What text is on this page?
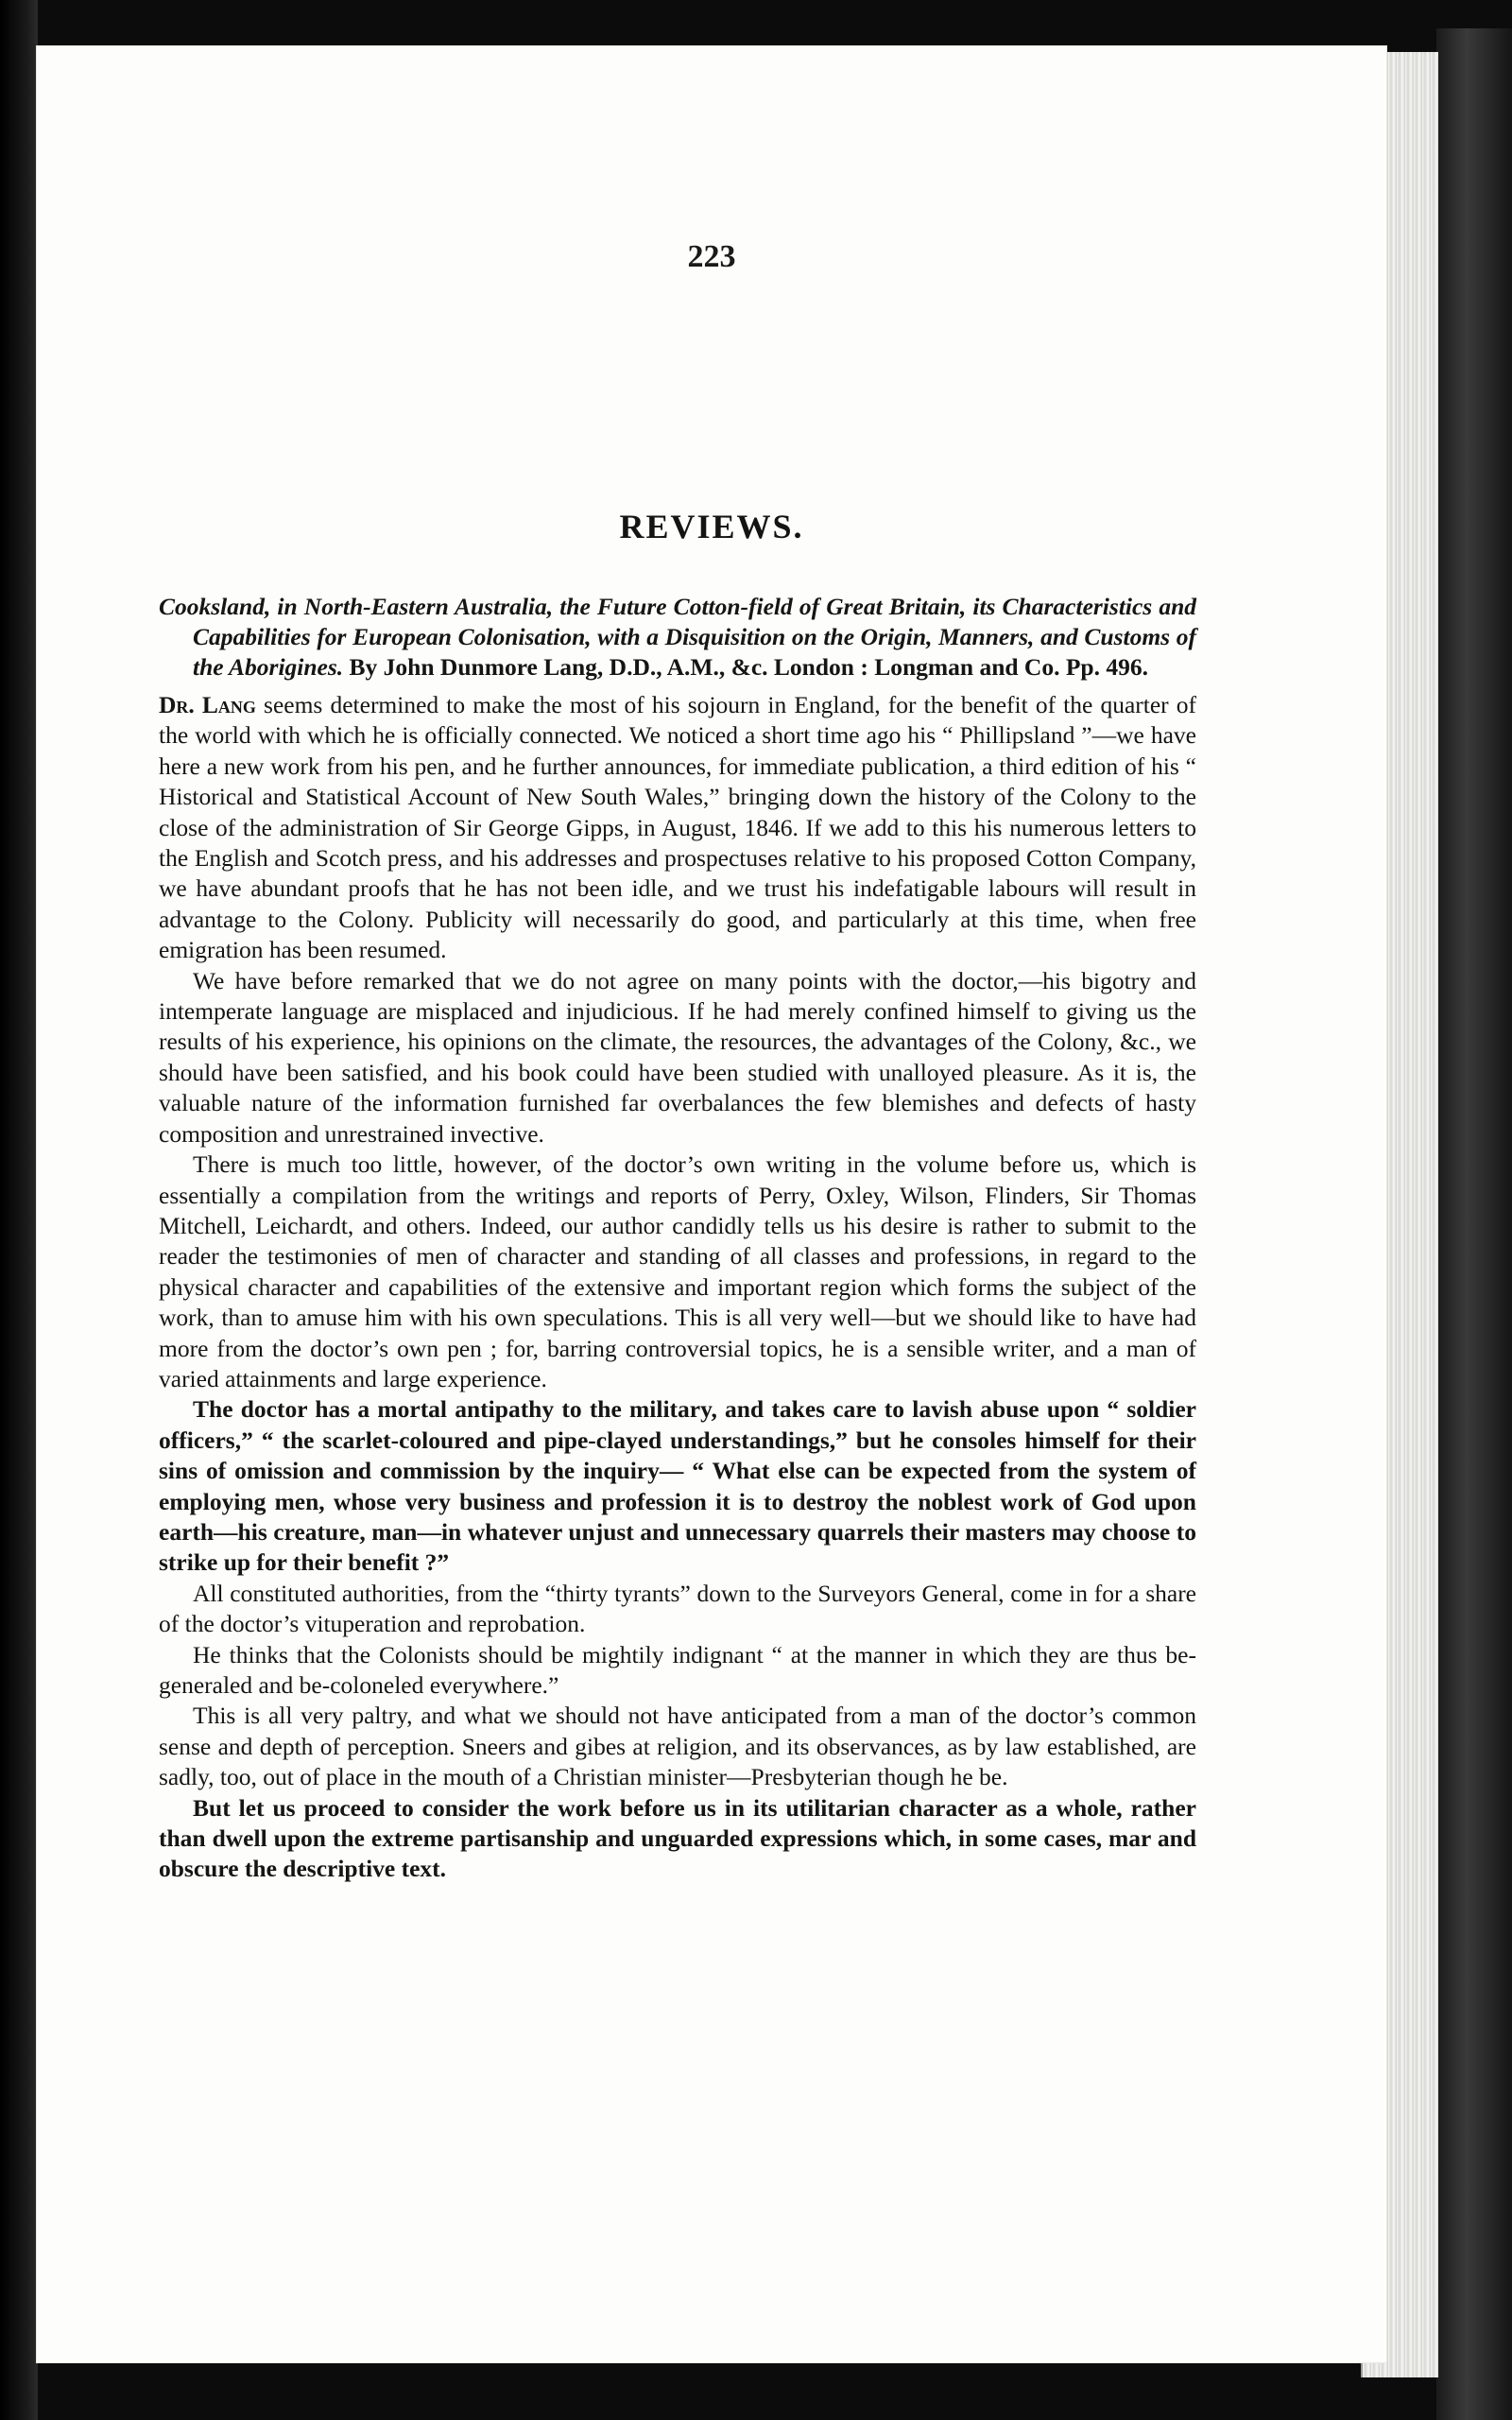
223
REVIEWS.

Cooksland, in North-Eastern Australia, the Future Cotton-field of Great Britain, its Characteristics and Capabilities for European Colonisation, with a Disquisition on the Origin, Manners, and Customs of the Aborigines. By John Dunmore Lang, D.D., A.M., &c. London : Longman and Co. Pp. 496.

Dr. Lang seems determined to make the most of his sojourn in England, for the benefit of the quarter of the world with which he is officially connected. We noticed a short time ago his “ Phillipsland ”—we have here a new work from his pen, and he further announces, for immediate publication, a third edition of his “ Historical and Statistical Account of New South Wales,” bringing down the history of the Colony to the close of the administration of Sir George Gipps, in August, 1846. If we add to this his numerous letters to the English and Scotch press, and his addresses and prospectuses relative to his proposed Cotton Company, we have abundant proofs that he has not been idle, and we trust his indefatigable labours will result in advantage to the Colony. Publicity will necessarily do good, and particularly at this time, when free emigration has been resumed.

We have before remarked that we do not agree on many points with the doctor,—his bigotry and intemperate language are misplaced and injudicious. If he had merely confined himself to giving us the results of his experience, his opinions on the climate, the resources, the advantages of the Colony, &c., we should have been satisfied, and his book could have been studied with unalloyed pleasure. As it is, the valuable nature of the information furnished far overbalances the few blemishes and defects of hasty composition and unrestrained invective.

There is much too little, however, of the doctor’s own writing in the volume before us, which is essentially a compilation from the writings and reports of Perry, Oxley, Wilson, Flinders, Sir Thomas Mitchell, Leichardt, and others. Indeed, our author candidly tells us his desire is rather to submit to the reader the testimonies of men of character and standing of all classes and professions, in regard to the physical character and capabilities of the extensive and important region which forms the subject of the work, than to amuse him with his own speculations. This is all very well—but we should like to have had more from the doctor’s own pen ; for, barring controversial topics, he is a sensible writer, and a man of varied attainments and large experience.

The doctor has a mortal antipathy to the military, and takes care to lavish abuse upon “ soldier officers,” “ the scarlet-coloured and pipe-clayed understandings,” but he consoles himself for their sins of omission and commission by the inquiry— “ What else can be expected from the system of employing men, whose very business and profession it is to destroy the noblest work of God upon earth—his creature, man—in whatever unjust and unnecessary quarrels their masters may choose to strike up for their benefit ?”

All constituted authorities, from the “thirty tyrants” down to the Surveyors General, come in for a share of the doctor’s vituperation and reprobation.

He thinks that the Colonists should be mightily indignant “ at the manner in which they are thus be-generaled and be-coloneled everywhere.”

This is all very paltry, and what we should not have anticipated from a man of the doctor’s common sense and depth of perception. Sneers and gibes at religion, and its observances, as by law established, are sadly, too, out of place in the mouth of a Christian minister—Presbyterian though he be.

But let us proceed to consider the work before us in its utilitarian character as a whole, rather than dwell upon the extreme partisanship and unguarded expressions which, in some cases, mar and obscure the descriptive text.
